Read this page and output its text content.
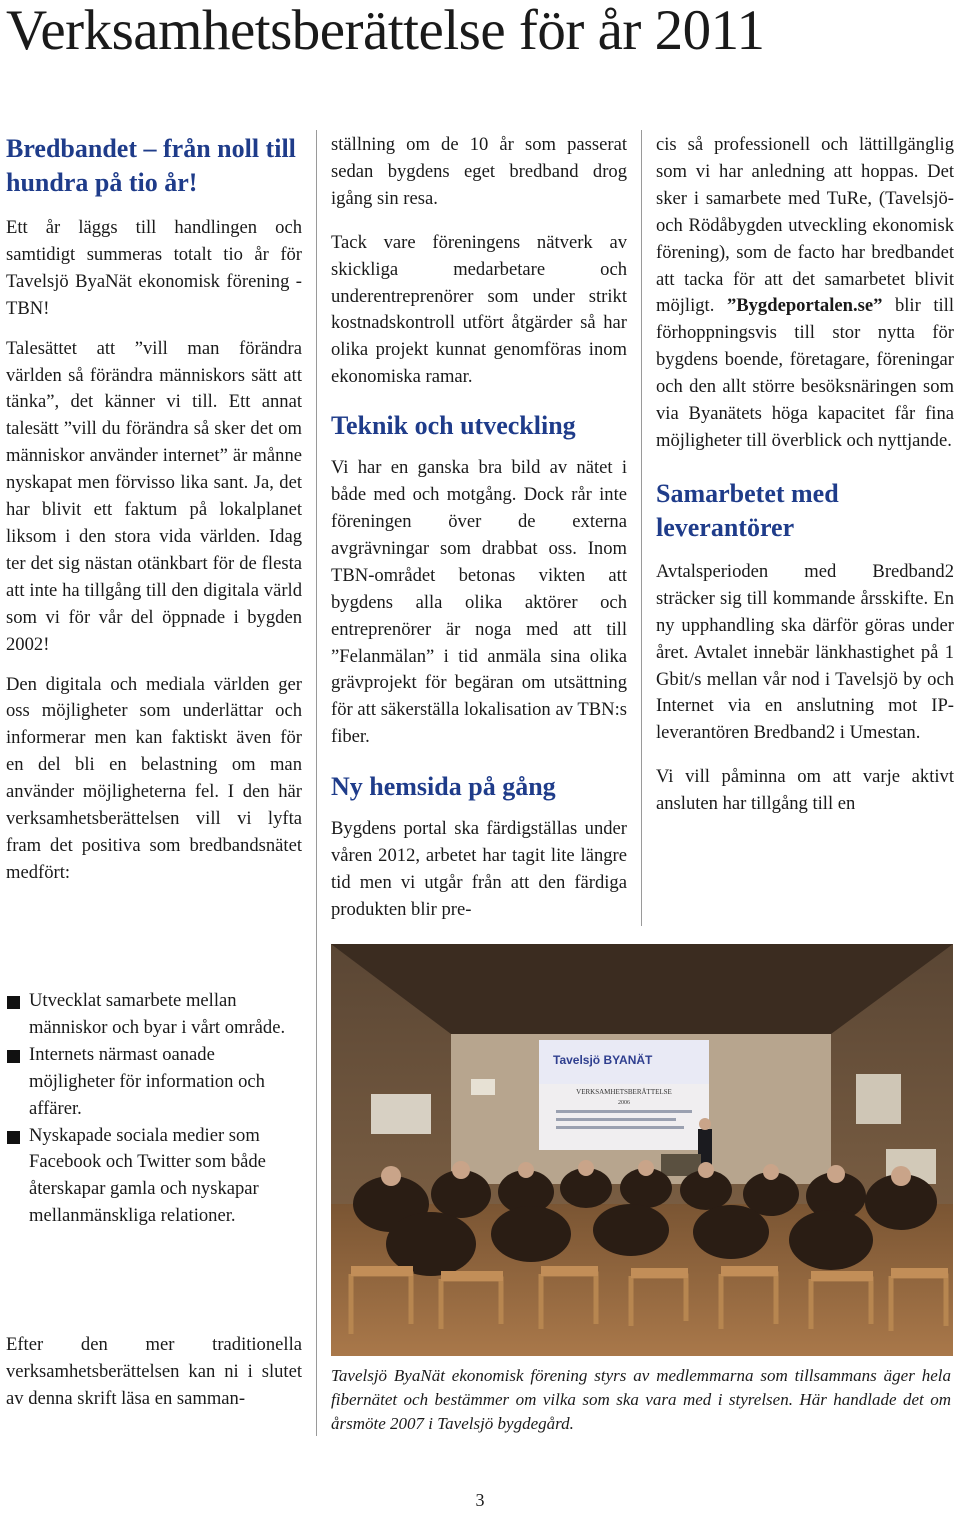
Verksamhetsberättelse för år 2011
Bredbandet – från noll till hundra på tio år!

Ett år läggs till handlingen och samtidigt summeras totalt tio år för Tavelsjö ByaNät ekonomisk förening - TBN!

Talesättet att ”vill man förändra världen så förändra människors sätt att tänka”, det känner vi till. Ett annat talesätt ”vill du förändra så sker det om människor använder internet” är månne nyskapat men förvisso lika sant. Ja, det har blivit ett faktum på lokalplanet liksom i den stora vida världen. Idag ter det sig nästan otänkbart för de flesta att inte ha tillgång till den digitala värld som vi för vår del öppnade i bygden 2002!

Den digitala och mediala världen ger oss möjligheter som underlättar och informerar men kan faktiskt även för en del bli en belastning om man använder möjligheterna fel. I den här verksamhetsberättelsen vill vi lyfta fram det positiva som bredbandsnätet medfört:

Utvecklat samarbete mellan människor och byar i vårt område.
Internets närmast oanade möjligheter för information och affärer.
Nyskapade sociala medier som Facebook och Twitter som både återskapar gamla och nyskapar mellanmänskliga relationer.

Efter den mer traditionella verksamhetsberättelsen kan ni i slutet av denna skrift läsa en samman-

ställning om de 10 år som passerat sedan bygdens eget bredband drog igång sin resa.

Tack vare föreningens nätverk av skickliga medarbetare och underentreprenörer som under strikt kostnadskontroll utfört åtgärder så har olika projekt kunnat genomföras inom ekonomiska ramar.

Teknik och utveckling

Vi har en ganska bra bild av nätet i både med och motgång. Dock rår inte föreningen över de externa avgrävningar som drabbat oss. Inom TBN-området betonas vikten att bygdens alla olika aktörer och entreprenörer är noga med att till ”Felanmälan” i tid anmäla sina olika grävprojekt för begäran om utsättning för att säkerställa lokalisation av TBN:s fiber.

Ny hemsida på gång

Bygdens portal ska färdigställas under våren 2012, arbetet har tagit lite längre tid men vi utgår från att den färdiga produkten blir pre-

cis så professionell och lättillgänglig som vi har anledning att hoppas. Det sker i samarbete med TuRe, (Tavelsjö- och Rödåbygden utveckling ekonomisk förening), som de facto har bredbandet att tacka för att det samarbetet blivit möjligt. ”Bygdeportalen.se” blir till förhoppningsvis till stor nytta för bygdens boende, företagare, föreningar och den allt större besöksnäringen som via Byanätets höga kapacitet får fina möjligheter till överblick och nyttjande.

Samarbetet med leverantörer

Avtalsperioden med Bredband2 sträcker sig till kommande årsskifte. En ny upphandling ska därför göras under året. Avtalet innebär länkhastighet på 1 Gbit/s mellan vår nod i Tavelsjö by och Internet via en anslutning mot IP-leverantören Bredband2 i Umestan.

Vi vill påminna om att varje aktivt ansluten har tillgång till en

Tavelsjö BYANÄT
VERKSAMHETSBERÄTTELSE
2006
Tavelsjö ByaNät ekonomisk förening styrs av medlemmarna som tillsammans äger hela fibernätet och bestämmer om vilka som ska vara med i styrelsen. Här handlade det om årsmöte 2007 i Tavelsjö bygdegård.
3
